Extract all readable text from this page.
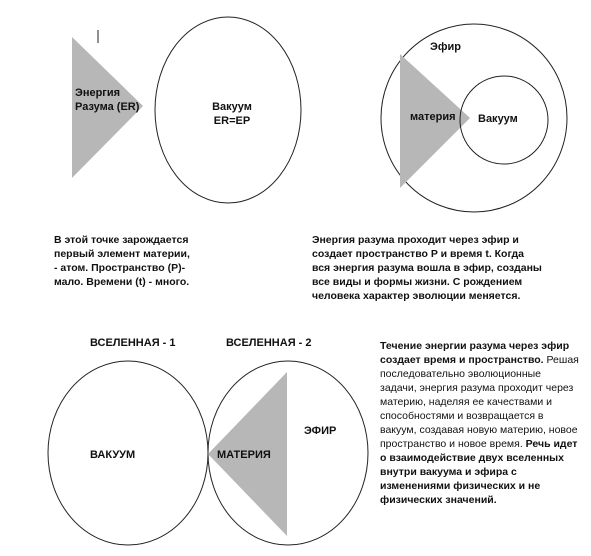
Энергия
Разума (ER)	Вакуум
ER=EP
Эфир
материя Вакуум
ВСЕЛЕННАЯ - 1	ВСЕЛЕННАЯ - 2
ВАКУУМ	МАТЕРИЯ
ЭФИР
В этой точке зарождается
первый элемент материи,
- атом. Пространство (P)-
мало. Времени (t) - много.
Энергия разума проходит через эфир и
создает пространство P и время t. Когда
вся энергия разума вошла в эфир, созданы
все виды и формы жизни. С рождением
человека характер эволюции меняется.

Течение энергии разума через эфир создает время и пространство. Решая последовательно эволюционные задачи, энергия разума проходит через материю, наделяя ее качествами и способностями и возвращается в вакуум, создавая новую материю, новое пространство и новое время. Речь идет о взаимодействие двух вселенных внутри вакуума и эфира с изменениями физических и не физических значений.
